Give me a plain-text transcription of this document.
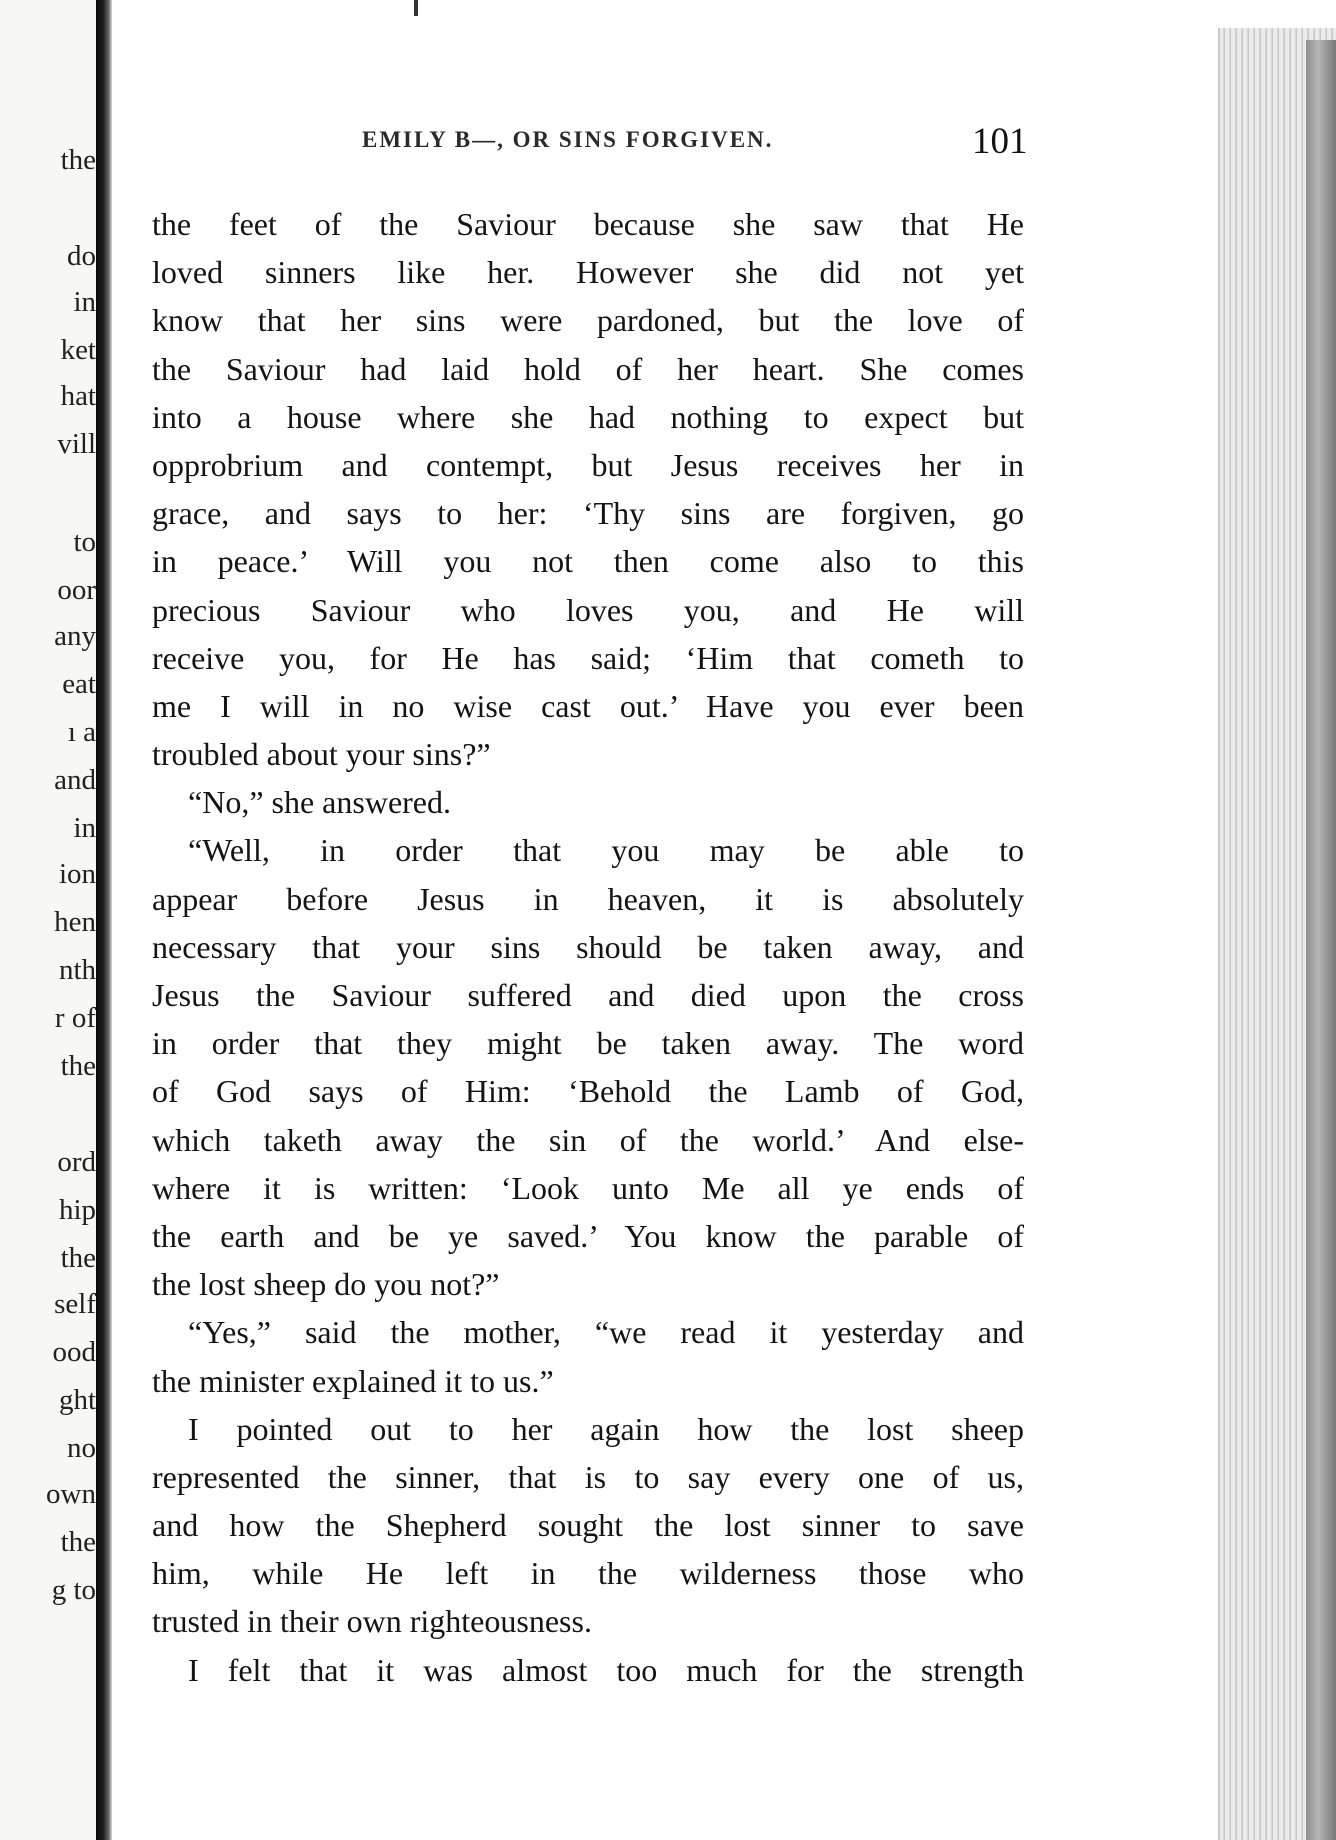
the
do
in
ket
hat
vill
to
oor
any
eat
ı a
and
in
ion
hen
nth
r of
the
ord
hip
the
self
ood
ght
no
own
the
g to
EMILY B—, OR SINS FORGIVEN.	101
the feet of the Saviour because she saw that He
loved sinners like her. However she did not yet
know that her sins were pardoned, but the love of
the Saviour had laid hold of her heart. She comes
into a house where she had nothing to expect but
opprobrium and contempt, but Jesus receives her in
grace, and says to her: ‘Thy sins are forgiven, go
in peace.’ Will you not then come also to this
precious Saviour who loves you, and He will
receive you, for He has said; ‘Him that cometh to
me I will in no wise cast out.’ Have you ever been
troubled about your sins?”
“No,” she answered.
“Well, in order that you may be able to
appear before Jesus in heaven, it is absolutely
necessary that your sins should be taken away, and
Jesus the Saviour suffered and died upon the cross
in order that they might be taken away. The word
of God says of Him: ‘Behold the Lamb of God,
which taketh away the sin of the world.’ And else-
where it is written: ‘Look unto Me all ye ends of
the earth and be ye saved.’ You know the parable of
the lost sheep do you not?”
“Yes,” said the mother, “we read it yesterday and
the minister explained it to us.”
I pointed out to her again how the lost sheep
represented the sinner, that is to say every one of us,
and how the Shepherd sought the lost sinner to save
him, while He left in the wilderness those who
trusted in their own righteousness.
I felt that it was almost too much for the strength
